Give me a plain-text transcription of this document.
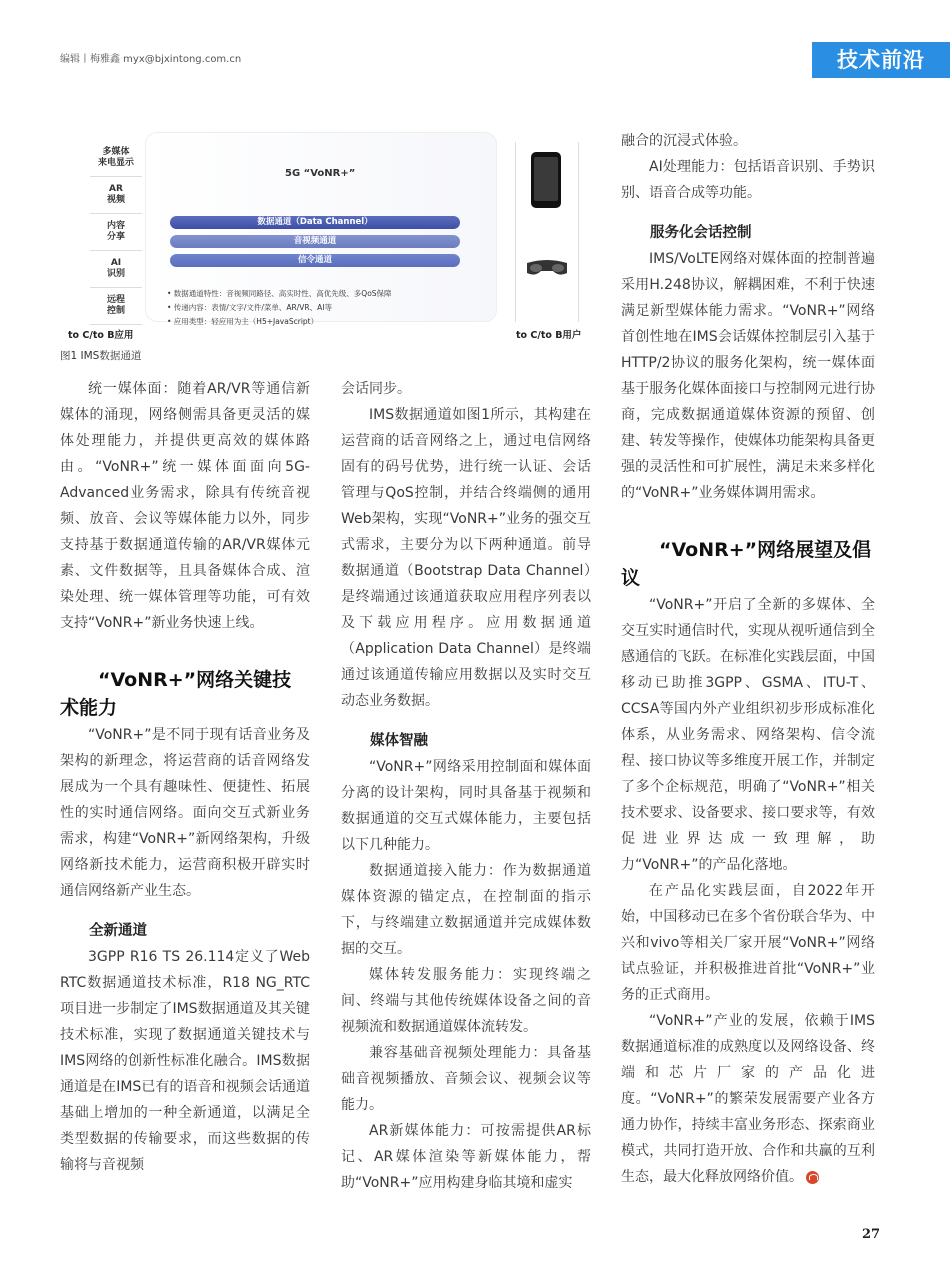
编辑丨梅雅鑫 myx@bjxintong.com.cn	技术前沿
多媒体
来电显示
AR
视频
内容
分享
AI
识别
远程
控制
5G “VoNR+”
数据通道（Data Channel）
音视频通道
信令通道
• 数据通道特性：音视频同路径、高实时性、高优先级、多QoS保障
• 传递内容：表情/文字/文件/菜单、AR/VR、AI等
• 应用类型：轻应用为主（H5+JavaScript）
to C/to B应用	to C/to B用户
图1 IMS数据通道

统一媒体面：随着AR/VR等通信新媒体的涌现，网络侧需具备更灵活的媒体处理能力，并提供更高效的媒体路由。“VoNR+”统一媒体面面向5G-Advanced业务需求，除具有传统音视频、放音、会议等媒体能力以外，同步支持基于数据通道传输的AR/VR媒体元素、文件数据等，且具备媒体合成、渲染处理、统一媒体管理等功能，可有效支持“VoNR+”新业务快速上线。

“VoNR+”网络关键技术能力

“VoNR+”是不同于现有话音业务及架构的新理念，将运营商的话音网络发展成为一个具有趣味性、便捷性、拓展性的实时通信网络。面向交互式新业务需求，构建“VoNR+”新网络架构，升级网络新技术能力，运营商积极开辟实时通信网络新产业生态。

全新通道

3GPP R16 TS 26.114定义了Web RTC数据通道技术标准，R18 NG_RTC项目进一步制定了IMS数据通道及其关键技术标准，实现了数据通道关键技术与IMS网络的创新性标准化融合。IMS数据通道是在IMS已有的语音和视频会话通道基础上增加的一种全新通道，以满足全类型数据的传输要求，而这些数据的传输将与音视频

会话同步。

IMS数据通道如图1所示，其构建在运营商的话音网络之上，通过电信网络固有的码号优势，进行统一认证、会话管理与QoS控制，并结合终端侧的通用Web架构，实现“VoNR+”业务的强交互式需求，主要分为以下两种通道。前导数据通道（Bootstrap Data Channel）是终端通过该通道获取应用程序列表以及下载应用程序。应用数据通道（Application Data Channel）是终端通过该通道传输应用数据以及实时交互动态业务数据。

媒体智融

“VoNR+”网络采用控制面和媒体面分离的设计架构，同时具备基于视频和数据通道的交互式媒体能力，主要包括以下几种能力。

数据通道接入能力：作为数据通道媒体资源的锚定点，在控制面的指示下，与终端建立数据通道并完成媒体数据的交互。

媒体转发服务能力：实现终端之间、终端与其他传统媒体设备之间的音视频流和数据通道媒体流转发。

兼容基础音视频处理能力：具备基础音视频播放、音频会议、视频会议等能力。

AR新媒体能力：可按需提供AR标记、AR媒体渲染等新媒体能力，帮助“VoNR+”应用构建身临其境和虚实

融合的沉浸式体验。

AI处理能力：包括语音识别、手势识别、语音合成等功能。

服务化会话控制

IMS/VoLTE网络对媒体面的控制普遍采用H.248协议，解耦困难，不利于快速满足新型媒体能力需求。“VoNR+”网络首创性地在IMS会话媒体控制层引入基于HTTP/2协议的服务化架构，统一媒体面基于服务化媒体面接口与控制网元进行协商，完成数据通道媒体资源的预留、创建、转发等操作，使媒体功能架构具备更强的灵活性和可扩展性，满足未来多样化的“VoNR+”业务媒体调用需求。

“VoNR+”网络展望及倡议

“VoNR+”开启了全新的多媒体、全交互实时通信时代，实现从视听通信到全感通信的飞跃。在标准化实践层面，中国移动已助推3GPP、GSMA、ITU-T、CCSA等国内外产业组织初步形成标准化体系，从业务需求、网络架构、信令流程、接口协议等多维度开展工作，并制定了多个企标规范，明确了“VoNR+”相关技术要求、设备要求、接口要求等，有效促进业界达成一致理解，助力“VoNR+”的产品化落地。

在产品化实践层面，自2022年开始，中国移动已在多个省份联合华为、中兴和vivo等相关厂家开展“VoNR+”网络试点验证，并积极推进首批“VoNR+”业务的正式商用。

“VoNR+”产业的发展，依赖于IMS数据通道标准的成熟度以及网络设备、终端和芯片厂家的产品化进度。“VoNR+”的繁荣发展需要产业各方通力协作，持续丰富业务形态、探索商业模式，共同打造开放、合作和共赢的互利生态，最大化释放网络价值。

27
